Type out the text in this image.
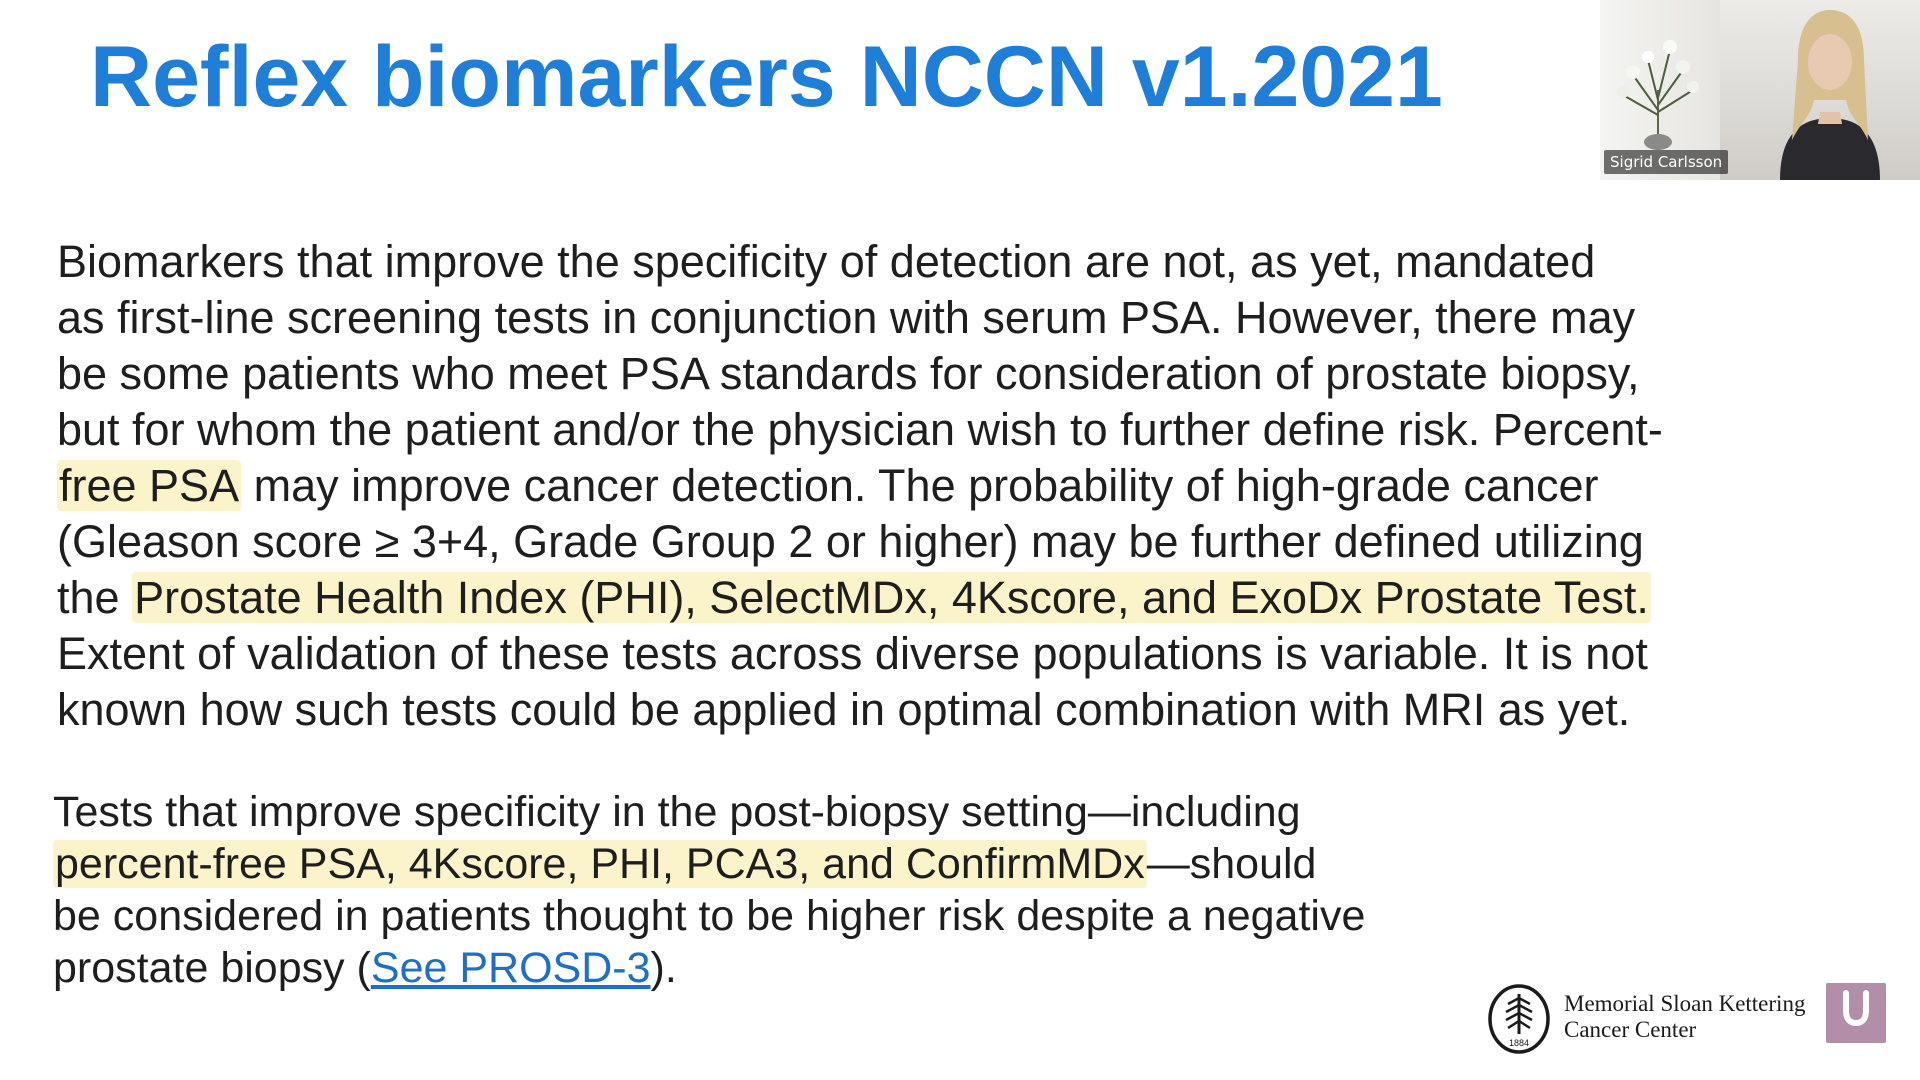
Reflex biomarkers NCCN v1.2021
Biomarkers that improve the specificity of detection are not, as yet, mandated
as first-line screening tests in conjunction with serum PSA. However, there may
be some patients who meet PSA standards for consideration of prostate biopsy,
but for whom the patient and/or the physician wish to further define risk. Percent-
free PSA may improve cancer detection. The probability of high-grade cancer
(Gleason score ≥ 3+4, Grade Group 2 or higher) may be further defined utilizing
the Prostate Health Index (PHI), SelectMDx, 4Kscore, and ExoDx Prostate Test.
Extent of validation of these tests across diverse populations is variable. It is not
known how such tests could be applied in optimal combination with MRI as yet.
Tests that improve specificity in the post-biopsy setting—including
percent-free PSA, 4Kscore, PHI, PCA3, and ConfirmMDx—should
be considered in patients thought to be higher risk despite a negative
prostate biopsy (See PROSD-3).
Sigrid Carlsson
1884
Memorial Sloan Kettering
Cancer Center
